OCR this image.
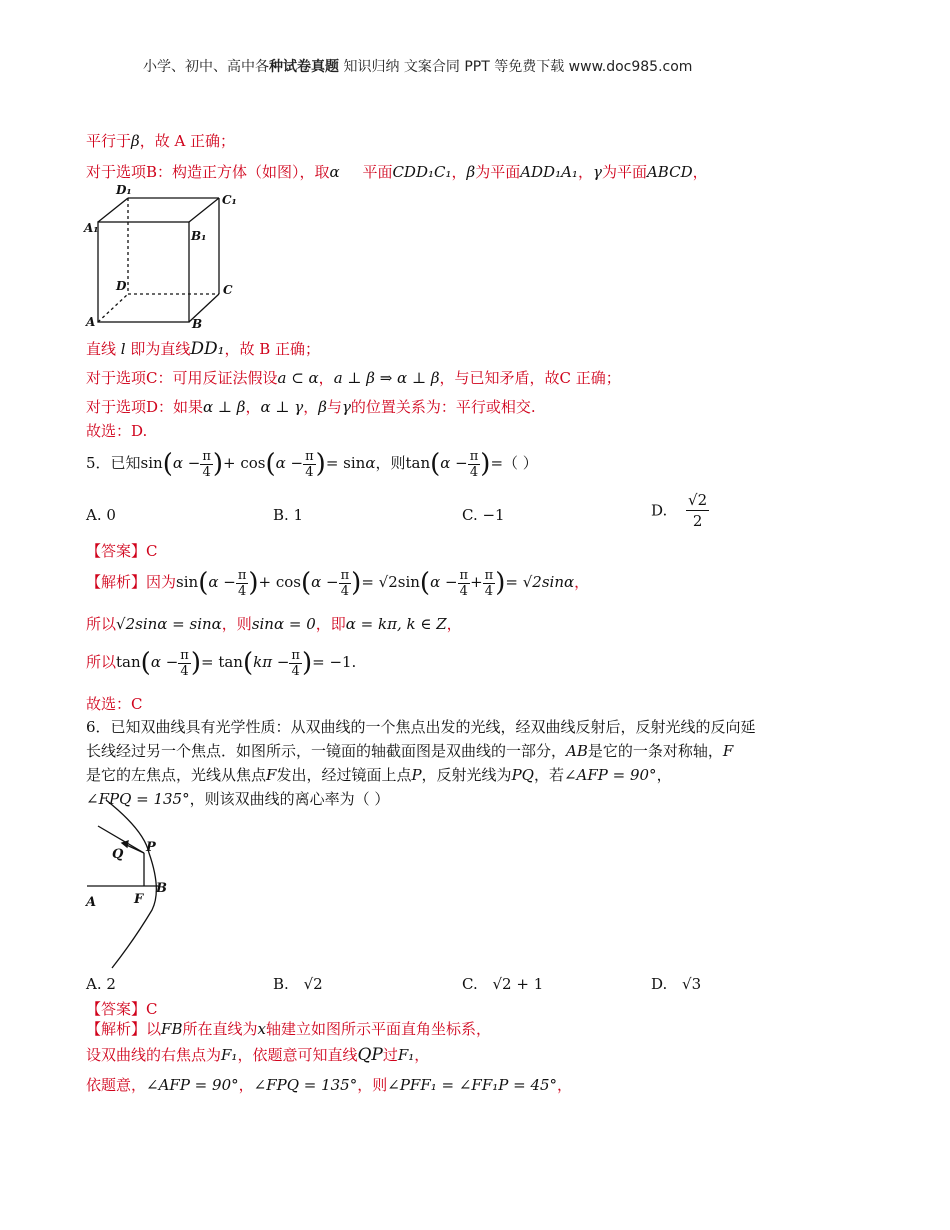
小学、初中、高中各种试卷真题 知识归纳 文案合同 PPT 等免费下载 www.doc985.com
平行于β，故 A 正确；
对于选项B：构造正方体（如图），取α 平面CDD₁C₁，β为平面ADD₁A₁，γ为平面ABCD，
D₁
C₁
A₁
B₁
D	C
A	B
直线 l 即为直线DD₁，故 B 正确；
对于选项C：可用反证法假设a ⊂ α，a ⊥ β ⇒ α ⊥ β，与已知矛盾，故C 正确；
对于选项D：如果α ⊥ β，α ⊥ γ，β与γ的位置关系为：平行或相交.
故选：D.
5．已知$\sin(\alpha - \frac{\pi}{4}$ )+ $\cos(\alpha - \frac{\pi}{4}$ )= sinα，则$\tan(\alpha - \frac{\pi}{4}$ )=（ ）
A. 0	B. 1	C. −1	D. $\frac{√2}{2}$
【答案】C
【解析】因为$\sin(\alpha - \frac{\pi}{4}$ )+ $\cos(\alpha - \frac{\pi}{4}$ )= $√2\sin(\alpha - \frac{\pi}{4} + \frac{\pi}{4}$ )= √2sinα，
所以√2sinα = sinα，则sinα = 0，即α = kπ, k ∈ Z，
所以$\tan(\alpha - \frac{\pi}{4}$ )= $\tan(k\pi - \frac{\pi}{4}$ )= −1.
故选：C
6．已知双曲线具有光学性质：从双曲线的一个焦点出发的光线，经双曲线反射后，反射光线的反向延
长线经过另一个焦点．如图所示，一镜面的轴截面图是双曲线的一部分，AB是它的一条对称轴，F
是它的左焦点，光线从焦点F发出，经过镜面上点P，反射光线为PQ，若∠AFP = 90°，
∠FPQ = 135°，则该双曲线的离心率为（ ）
Q P
A	F
B
A. 2	B. √2	C. √2 + 1	D. √3
【答案】C
【解析】以FB所在直线为x轴建立如图所示平面直角坐标系，
设双曲线的右焦点为F₁，依题意可知直线QP过F₁，
依题意，∠AFP = 90°，∠FPQ = 135°，则∠PFF₁ = ∠FF₁P = 45°，
